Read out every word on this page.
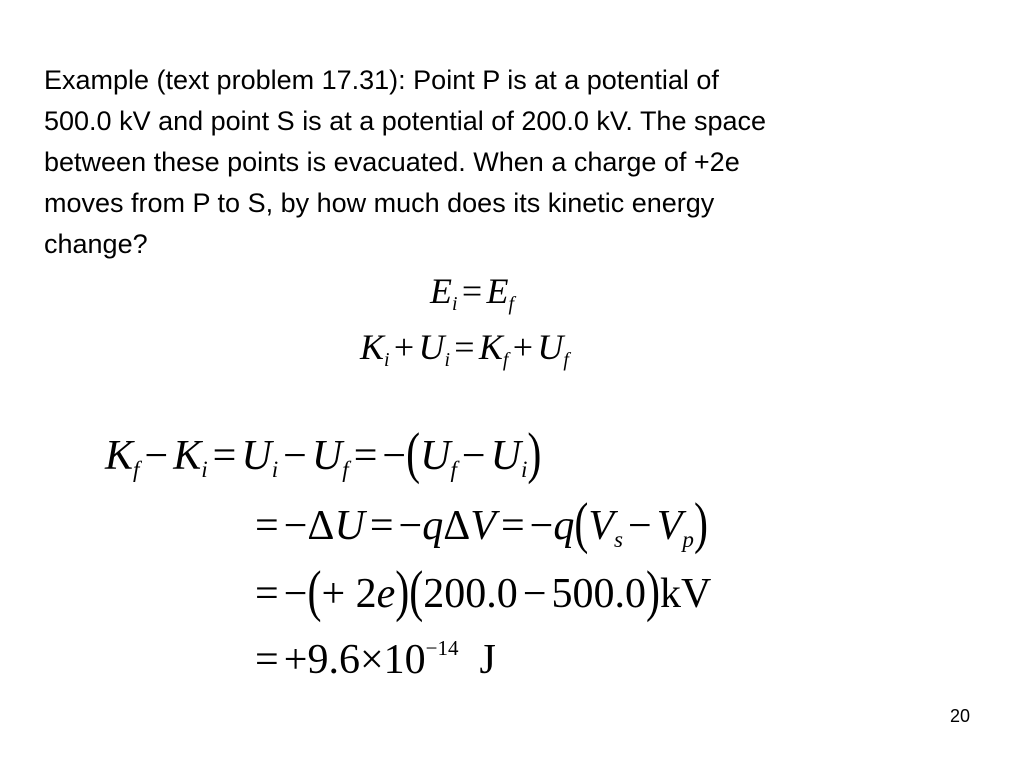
Example (text problem 17.31): Point P is at a potential of
500.0 kV and point S is at a potential of 200.0 kV. The space
between these points is evacuated. When a charge of +2e
moves from P to S, by how much does its kinetic energy
change?
$E_i = E_f$
$K_i + U_i = K_f + U_f$
$K_f - K_i = U_i - U_f = -(U_f - U_i)$
= $-\Delta U = -q\Delta V = -q(V_s - V_p)$
= −(+ 2e)(200.0 − 500.0)kV
= $+9.6\times 10^{-14}$ J
20
